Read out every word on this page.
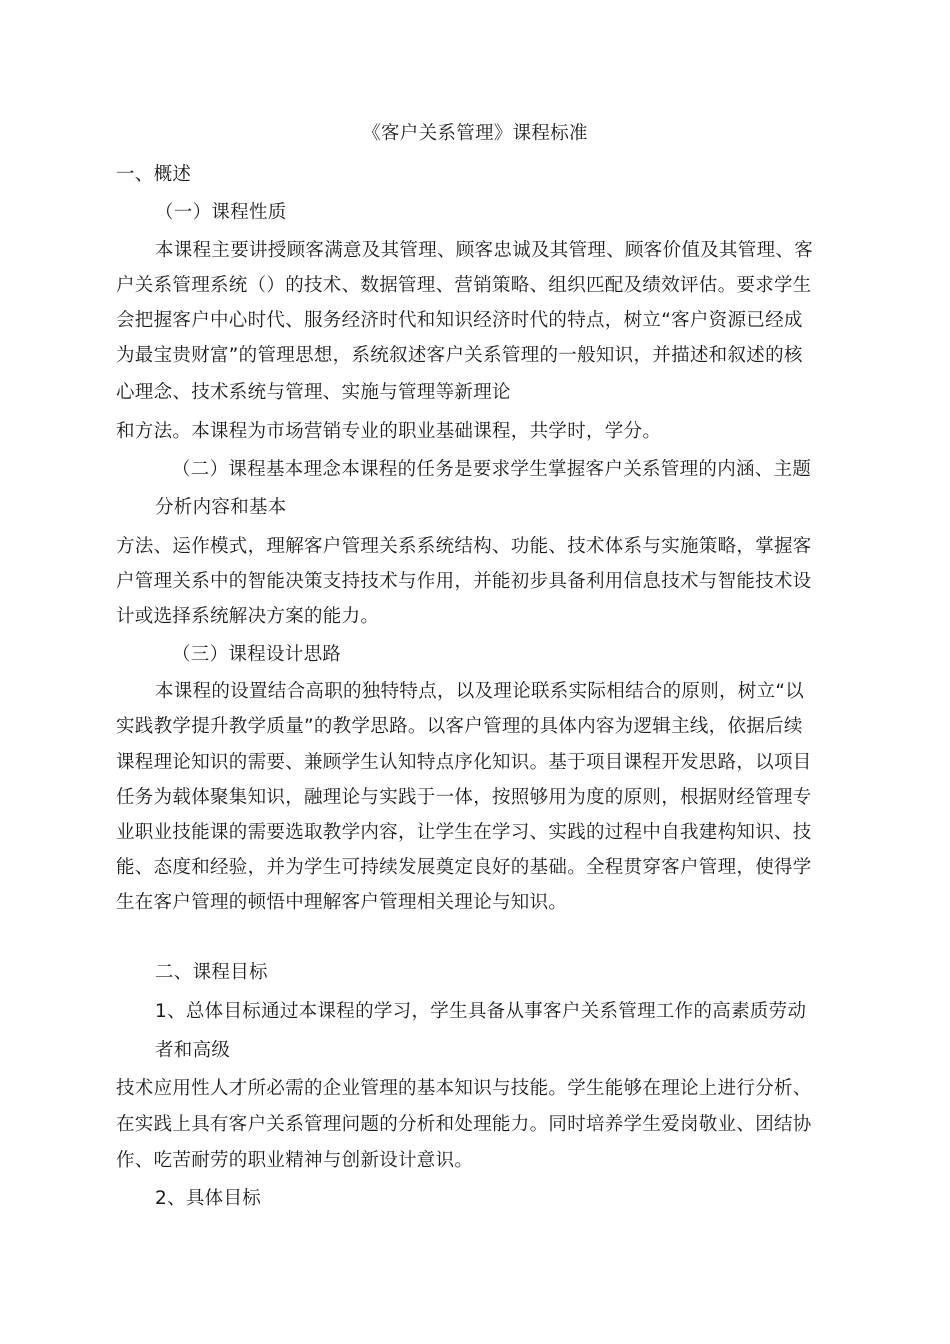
《客户关系管理》课程标准
一、概述
（一）课程性质
本课程主要讲授顾客满意及其管理、顾客忠诚及其管理、顾客价值及其管理、客
户关系管理系统（）的技术、数据管理、营销策略、组织匹配及绩效评估。要求学生
会把握客户中心时代、服务经济时代和知识经济时代的特点，树立“客户资源已经成
为最宝贵财富”的管理思想，系统叙述客户关系管理的一般知识，并描述和叙述的核
心理念、技术系统与管理、实施与管理等新理论
和方法。本课程为市场营销专业的职业基础课程，共学时，学分。
（二）课程基本理念本课程的任务是要求学生掌握客户关系管理的内涵、主题
分析内容和基本
方法、运作模式，理解客户管理关系系统结构、功能、技术体系与实施策略，掌握客
户管理关系中的智能决策支持技术与作用，并能初步具备利用信息技术与智能技术设
计或选择系统解决方案的能力。
（三）课程设计思路
本课程的设置结合高职的独特特点，以及理论联系实际相结合的原则，树立“以
实践教学提升教学质量”的教学思路。以客户管理的具体内容为逻辑主线，依据后续
课程理论知识的需要、兼顾学生认知特点序化知识。基于项目课程开发思路，以项目
任务为载体聚集知识，融理论与实践于一体，按照够用为度的原则，根据财经管理专
业职业技能课的需要选取教学内容，让学生在学习、实践的过程中自我建构知识、技
能、态度和经验，并为学生可持续发展奠定良好的基础。全程贯穿客户管理，使得学
生在客户管理的顿悟中理解客户管理相关理论与知识。
二、课程目标
1、总体目标通过本课程的学习，学生具备从事客户关系管理工作的高素质劳动
者和高级
技术应用性人才所必需的企业管理的基本知识与技能。学生能够在理论上进行分析、
在实践上具有客户关系管理问题的分析和处理能力。同时培养学生爱岗敬业、团结协
作、吃苦耐劳的职业精神与创新设计意识。
2、具体目标
